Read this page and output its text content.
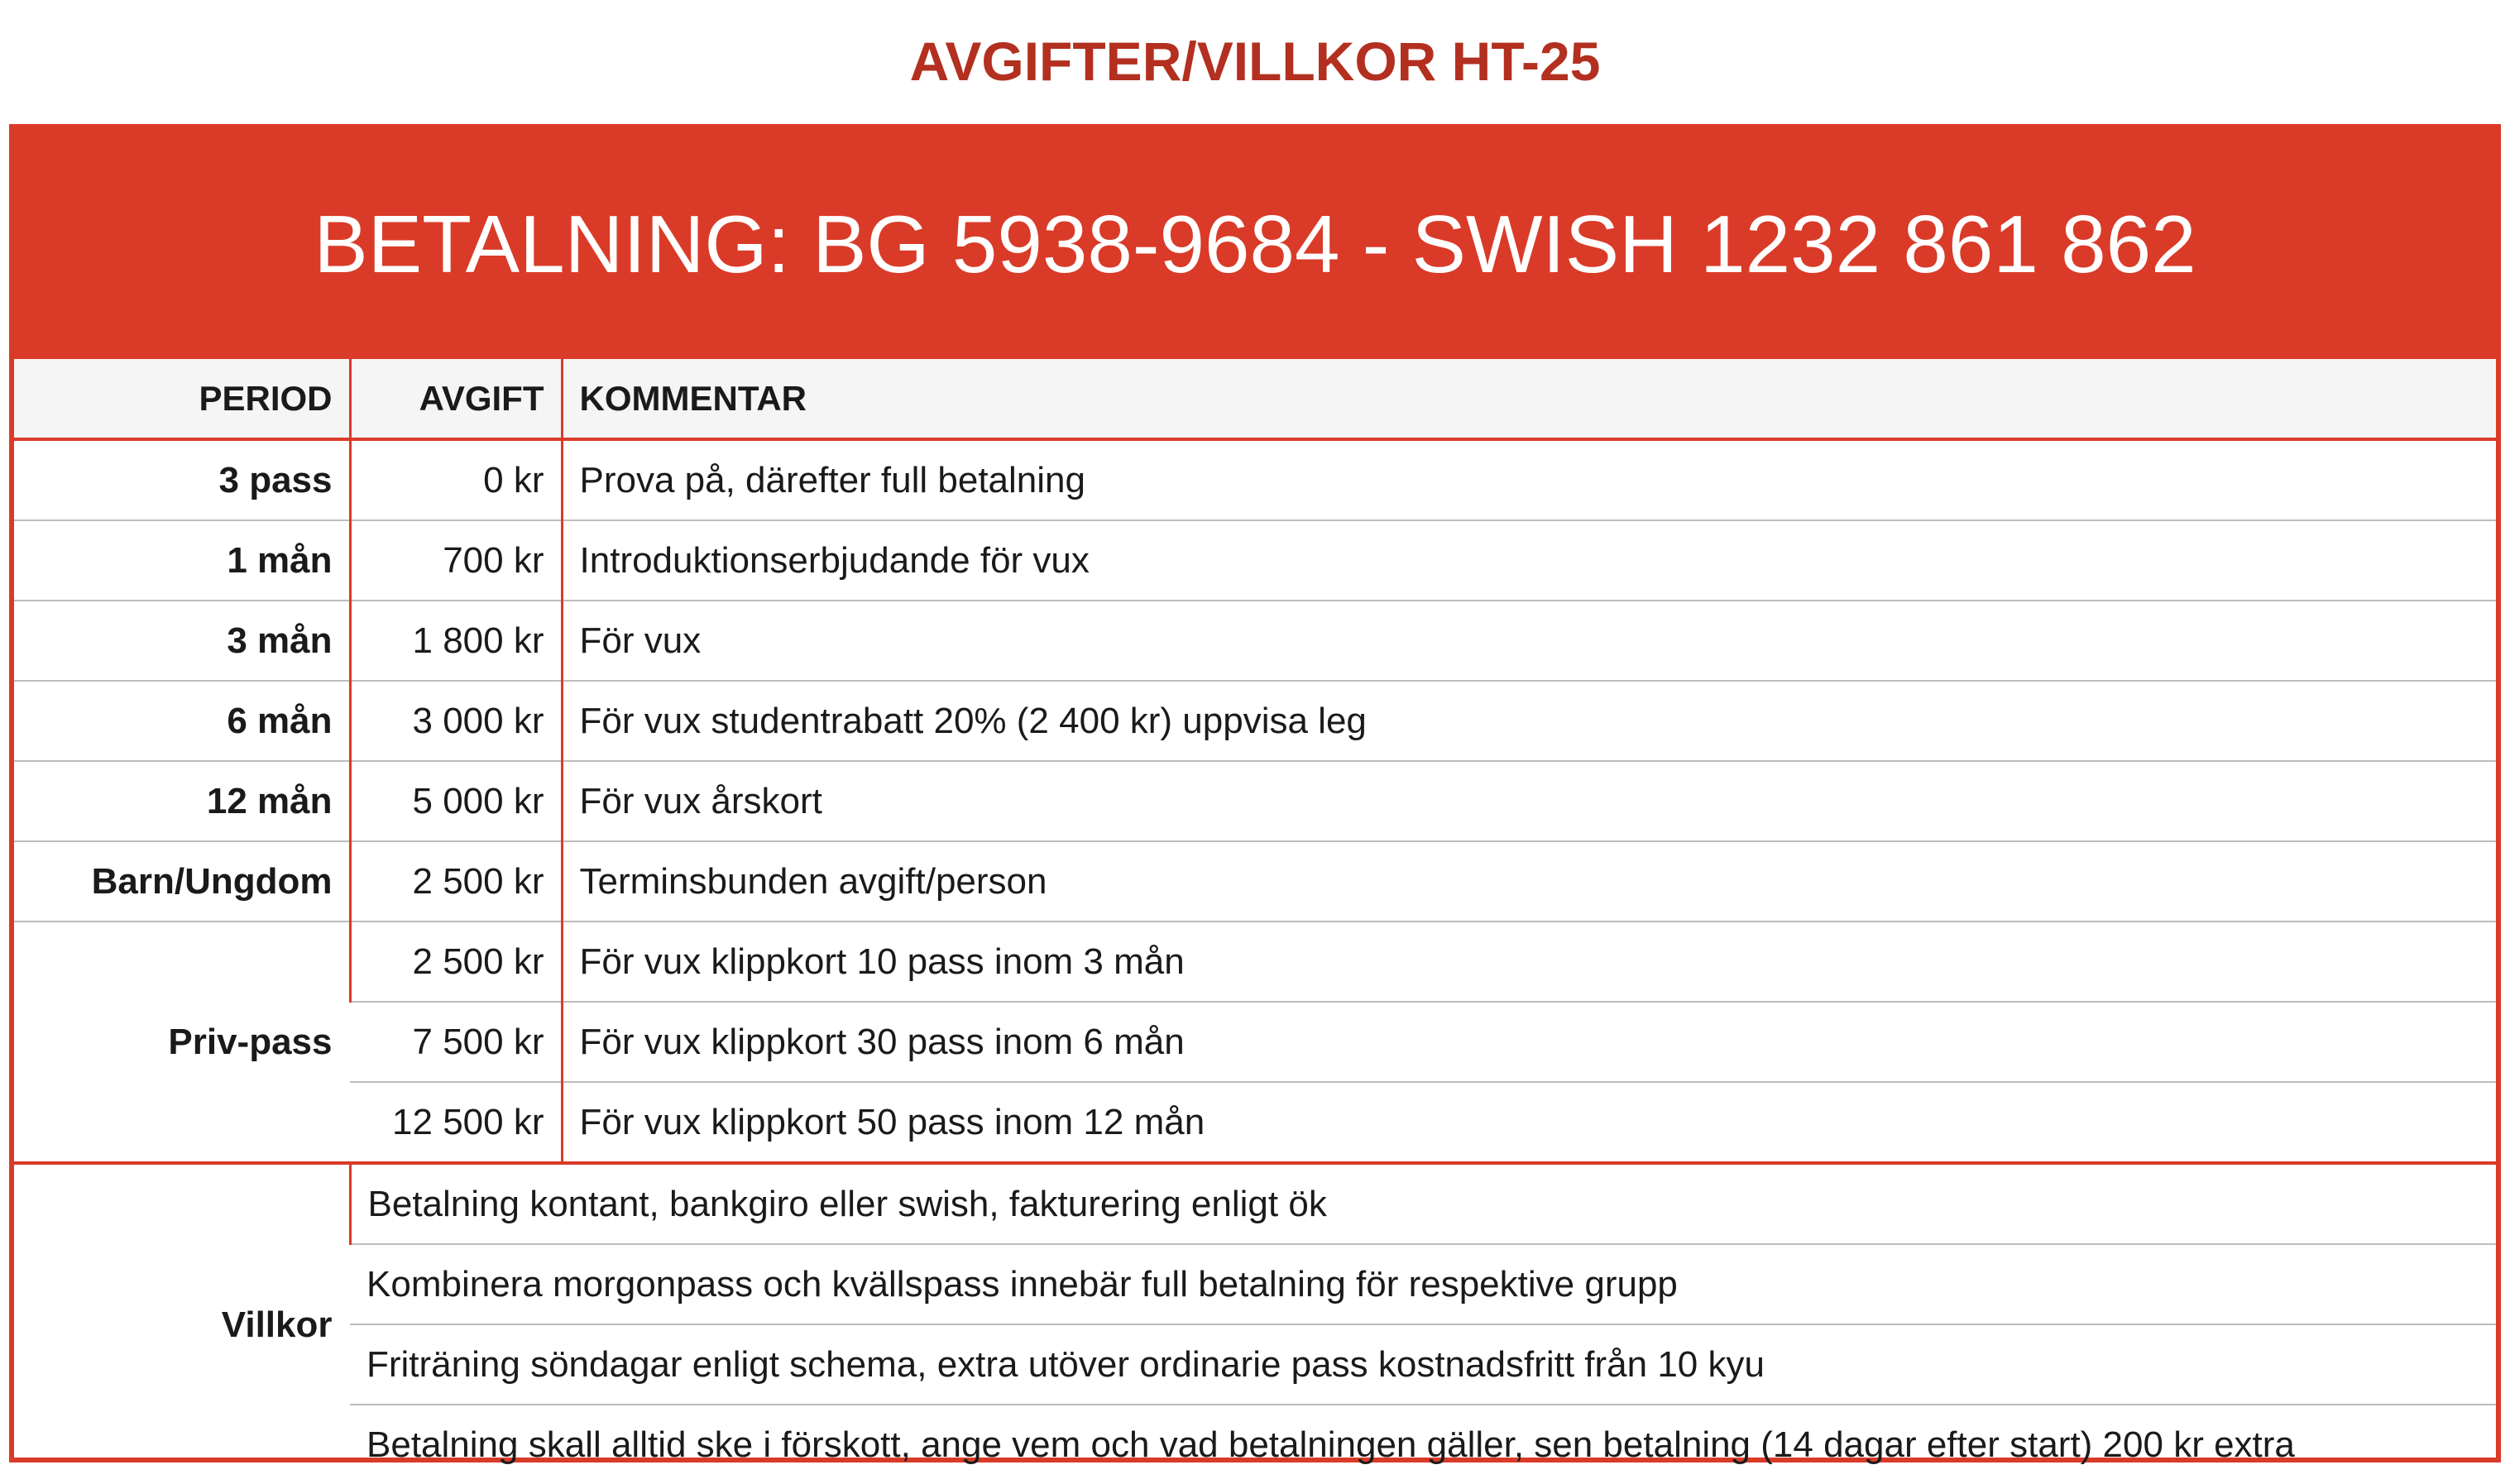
AVGIFTER/VILLKOR HT-25
BETALNING: BG 5938-9684 - SWISH 1232 861 862
PERIOD	AVGIFT	KOMMENTAR
3 pass	0 kr	Prova på, därefter full betalning
1 mån	700 kr	Introduktionserbjudande för vux
3 mån	1 800 kr	För vux
6 mån	3 000 kr	För vux studentrabatt 20% (2 400 kr) uppvisa leg
12 mån	5 000 kr	För vux årskort
Barn/Ungdom	2 500 kr	Terminsbunden avgift/person
Priv-pass	2 500 kr	För vux klippkort 10 pass inom 3 mån
	7 500 kr	För vux klippkort 30 pass inom 6 mån
	12 500 kr	För vux klippkort 50 pass inom 12 mån
Villkor	Betalning kontant, bankgiro eller swish, fakturering enligt ök	
	Kombinera morgonpass och kvällspass innebär full betalning för respektive grupp	
	Friträning söndagar enligt schema, extra utöver ordinarie pass kostnadsfritt från 10 kyu	
	Betalning skall alltid ske i förskott, ange vem och vad betalningen gäller, sen betalning (14 dagar efter start) 200 kr extra	
